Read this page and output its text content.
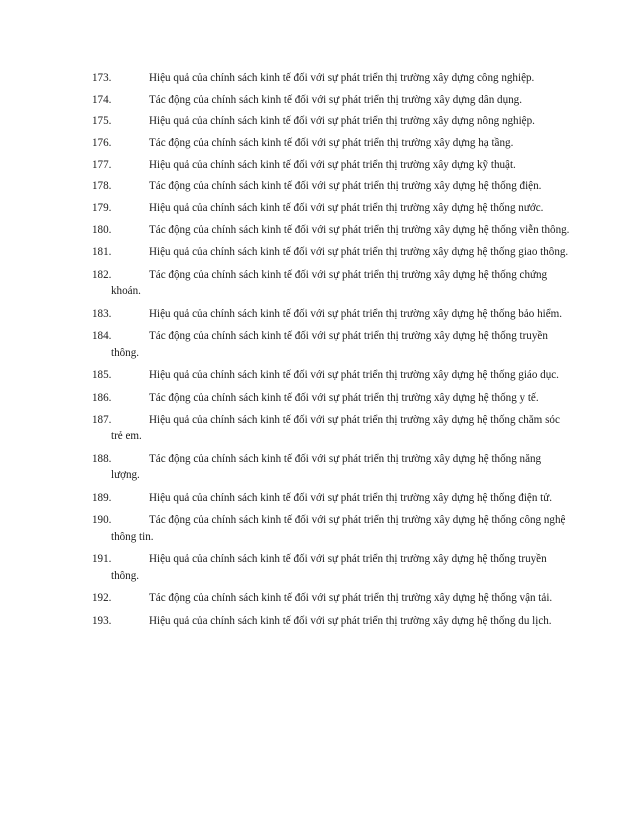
173.	Hiệu quả của chính sách kinh tế đối với sự phát triển thị trường xây dựng công nghiệp.
174.	Tác động của chính sách kinh tế đối với sự phát triển thị trường xây dựng dân dụng.
175.	Hiệu quả của chính sách kinh tế đối với sự phát triển thị trường xây dựng nông nghiệp.
176.	Tác động của chính sách kinh tế đối với sự phát triển thị trường xây dựng hạ tầng.
177.	Hiệu quả của chính sách kinh tế đối với sự phát triển thị trường xây dựng kỹ thuật.
178.	Tác động của chính sách kinh tế đối với sự phát triển thị trường xây dựng hệ thống điện.
179.	Hiệu quả của chính sách kinh tế đối với sự phát triển thị trường xây dựng hệ thống nước.
180.	Tác động của chính sách kinh tế đối với sự phát triển thị trường xây dựng hệ thống viễn thông.
181.	Hiệu quả của chính sách kinh tế đối với sự phát triển thị trường xây dựng hệ thống giao thông.
182.	Tác động của chính sách kinh tế đối với sự phát triển thị trường xây dựng hệ thống chứng khoán.
183.	Hiệu quả của chính sách kinh tế đối với sự phát triển thị trường xây dựng hệ thống bảo hiểm.
184.	Tác động của chính sách kinh tế đối với sự phát triển thị trường xây dựng hệ thống truyền thông.
185.	Hiệu quả của chính sách kinh tế đối với sự phát triển thị trường xây dựng hệ thống giáo dục.
186.	Tác động của chính sách kinh tế đối với sự phát triển thị trường xây dựng hệ thống y tế.
187.	Hiệu quả của chính sách kinh tế đối với sự phát triển thị trường xây dựng hệ thống chăm sóc trẻ em.
188.	Tác động của chính sách kinh tế đối với sự phát triển thị trường xây dựng hệ thống năng lượng.
189.	Hiệu quả của chính sách kinh tế đối với sự phát triển thị trường xây dựng hệ thống điện tử.
190.	Tác động của chính sách kinh tế đối với sự phát triển thị trường xây dựng hệ thống công nghệ thông tin.
191.	Hiệu quả của chính sách kinh tế đối với sự phát triển thị trường xây dựng hệ thống truyền thông.
192.	Tác động của chính sách kinh tế đối với sự phát triển thị trường xây dựng hệ thống vận tải.
193.	Hiệu quả của chính sách kinh tế đối với sự phát triển thị trường xây dựng hệ thống du lịch.
